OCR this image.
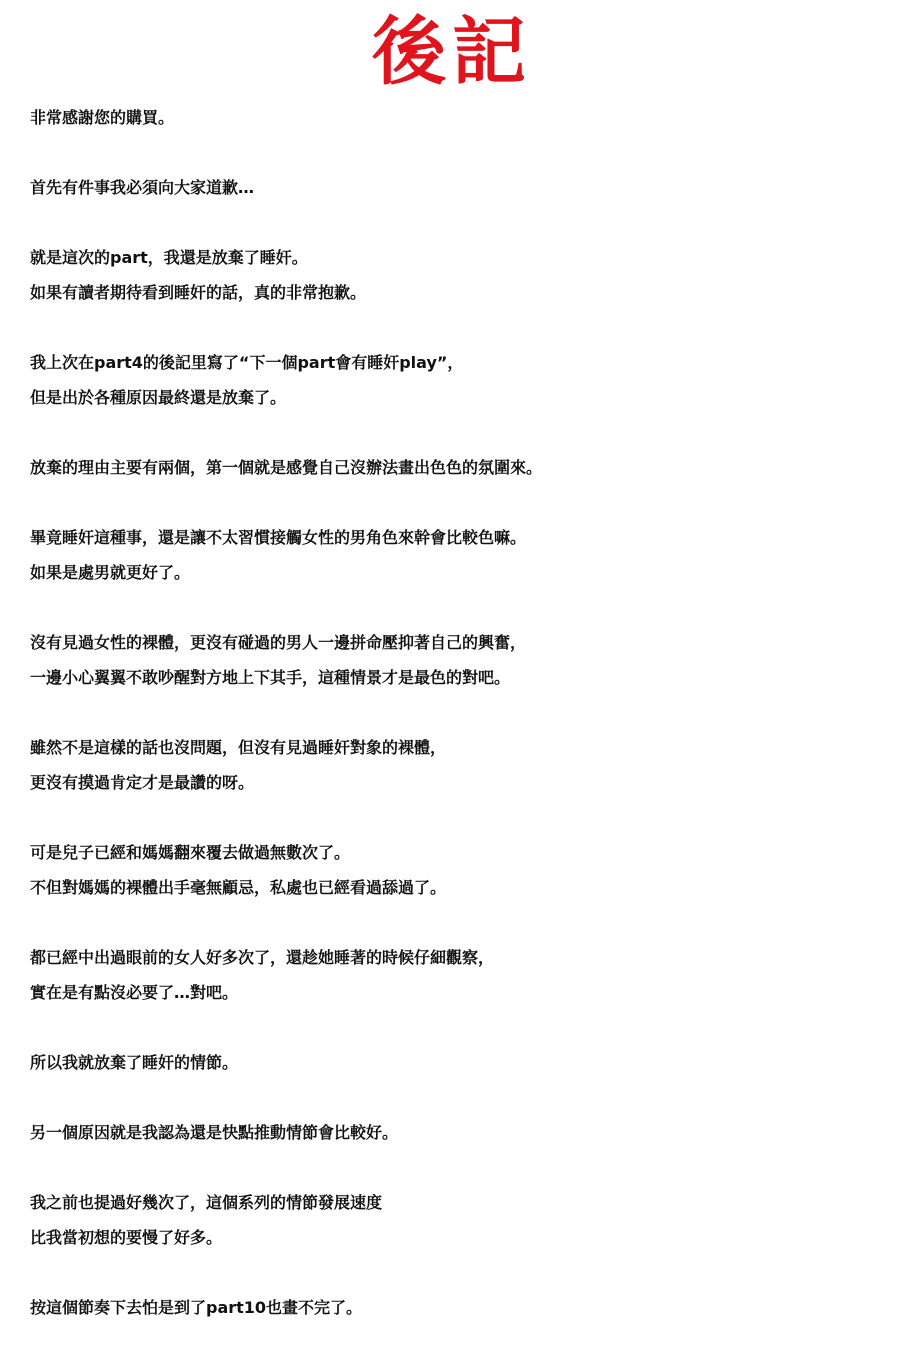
後記
非常感謝您的購買。
首先有件事我必須向大家道歉…
就是這次的part，我還是放棄了睡奸。
如果有讀者期待看到睡奸的話，真的非常抱歉。
我上次在part4的後記里寫了“下一個part會有睡奸play”，
但是出於各種原因最終還是放棄了。
放棄的理由主要有兩個，第一個就是感覺自己沒辦法畫出色色的氛圍來。
畢竟睡奸這種事，還是讓不太習慣接觸女性的男角色來幹會比較色嘛。
如果是處男就更好了。
沒有見過女性的裸體，更沒有碰過的男人一邊拼命壓抑著自己的興奮，
一邊小心翼翼不敢吵醒對方地上下其手，這種情景才是最色的對吧。
雖然不是這樣的話也沒問題，但沒有見過睡奸對象的裸體，
更沒有摸過肯定才是最讚的呀。
可是兒子已經和媽媽翻來覆去做過無數次了。
不但對媽媽的裸體出手毫無顧忌，私處也已經看過舔過了。
都已經中出過眼前的女人好多次了，還趁她睡著的時候仔細觀察，
實在是有點沒必要了…對吧。
所以我就放棄了睡奸的情節。
另一個原因就是我認為還是快點推動情節會比較好。
我之前也提過好幾次了，這個系列的情節發展速度
比我當初想的要慢了好多。
按這個節奏下去怕是到了part10也畫不完了。
